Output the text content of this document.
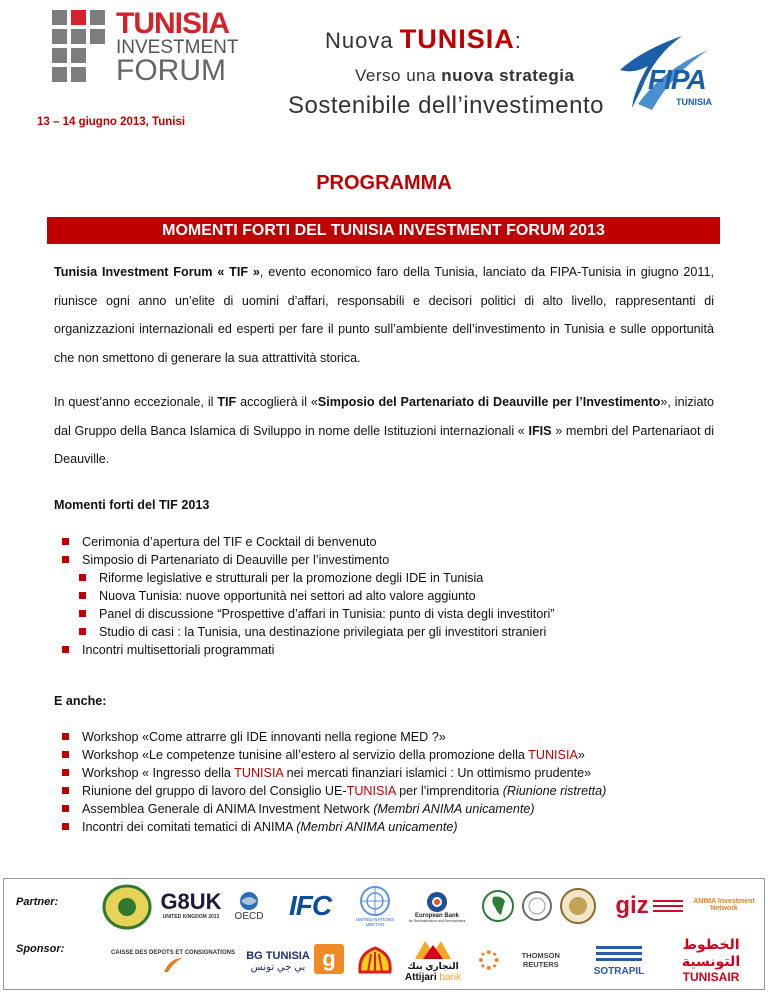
TUNISIA
INVESTMENT
FORUM
13 – 14 giugno 2013, Tunisi
Nuova TUNISIA:
Verso una nuova strategia
Sostenibile dell’investimento
FIPA
TUNISIA
PROGRAMMA
MOMENTI FORTI DEL TUNISIA INVESTMENT FORUM 2013
Tunisia Investment Forum « TIF », evento economico faro della Tunisia, lanciato da FIPA-Tunisia in giugno 2011, riunisce ogni anno un’elite di uomini d’affari, responsabili e decisori politici di alto livello, rappresentanti di organizzazioni internazionali ed esperti per fare il punto sull’ambiente dell’investimento in Tunisia e sulle opportunità che non smettono di generare la sua attrattività storica.
In quest’anno eccezionale, il TIF accoglierà il «Simposio del Partenariato di Deauville per l’Investimento», iniziato dal Gruppo della Banca Islamica di Sviluppo in nome delle Istituzioni internazionali « IFIS » membri del Partenariaot di Deauville.
Momenti forti del TIF 2013
Cerimonia d’apertura del TIF e Cocktail di benvenuto
Simposio di Partenariato di Deauville per l’investimento
Riforme legislative e strutturali per la promozione degli IDE in Tunisia
Nuova Tunisia: nuove opportunità nei settori ad alto valore aggiunto
Panel di discussione “Prospettive d’affari in Tunisia: punto di vista degli investitori”
Studio di casi : la Tunisia, una destinazione privilegiata per gli investitori stranieri
Incontri multisettoriali programmati
E anche:
Workshop «Come attrarre gli IDE innovanti nella regione MED ?»
Workshop «Le competenze tunisine all’estero al servizio della promozione della TUNISIA»
Workshop « Ingresso della TUNISIA nei mercati finanziari islamici : Un ottimismo prudente»
Riunione del gruppo di lavoro del Consiglio UE-TUNISIA per l’imprenditoria (Riunione ristretta)
Assemblea Generale di ANIMA Investment Network (Membri ANIMA unicamente)
Incontri dei comitati tematici di ANIMA (Membri ANIMA unicamente)
Partner:
Sponsor:
G8UK
UNITED KINGDOM 2013 OECD IFC	UNITED NATIONS
UNCTAD
European Bank
for Reconstruction and Development
giz	ANIMA Investment Network
CAISSE DES DEPOTS ET CONSIGNATIONS BG TUNISIA
بي جي تونس g	التجاري بنك
Attijari bank
THOMSON REUTERS
SOTRAPIL
الخطوط التونسية
TUNISAIR
